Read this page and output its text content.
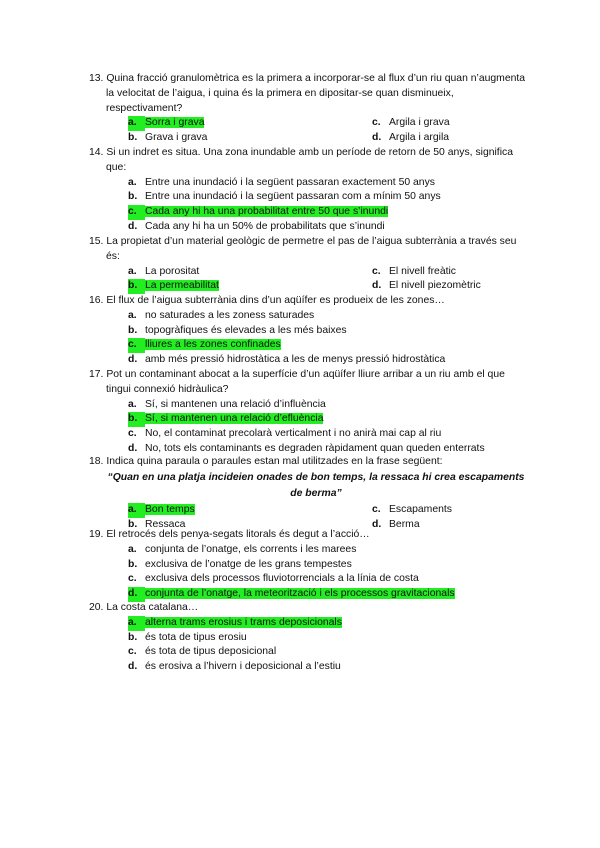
13. Quina fracció granulomètrica es la primera a incorporar-se al flux d’un riu quan n’augmenta la velocitat de l’aigua, i quina és la primera en dipositar-se quan disminueix, respectivament?

a. Sorra i grava	c. Argila i grava
b. Grava i grava	d. Argila i argila

14. Si un indret es situa. Una zona inundable amb un període de retorn de 50 anys, significa que:

a. Entre una inundació i la següent passaran exactement 50 anys
b. Entre una inundació i la següent passaran com a mínim 50 anys
c. Cada any hi ha una probabilitat entre 50 que s’inundi
d. Cada any hi ha un 50% de probabilitats que s’inundi

15. La propietat d’un material geològic de permetre el pas de l’aigua subterrània a través seu és:

a. La porositat	c. El nivell freàtic
b. La permeabilitat	d. El nivell piezomètric

16. El flux de l’aigua subterrània dins d’un aqüífer es produeix de les zones…

a. no saturades a les zoness saturades
b. topogràfiques és elevades a les més baixes
c. lliures a les zones confinades
d. amb més pressió hidrostàtica a les de menys pressió hidrostàtica

17. Pot un contaminant abocat a la superfície d’un aqüífer lliure arribar a un riu amb el que tingui connexió hidràulica?

a. Sí, si mantenen una relació d’influència
b. Sí, si mantenen una relació d’efluència
c. No, el contaminat precolarà verticalment i no anirà mai cap al riu
d. No, tots els contaminants es degraden ràpidament quan queden enterrats

18. Indica quina paraula o paraules estan mal utilitzades en la frase següent:

“Quan en una platja incideien onades de bon temps, la ressaca hi crea escapaments de berma”

a. Bon temps	c. Escapaments
b. Ressaca	d. Berma

19. El retrocés dels penya-segats litorals és degut a l’acció…

a. conjunta de l’onatge, els corrents i les marees
b. exclusiva de l’onatge de les grans tempestes
c. exclusiva dels processos fluviotorrencials a la línia de costa
d. conjunta de l’onatge, la meteorització i els processos gravitacionals

20. La costa catalana…

a. alterna trams erosius i trams deposicionals
b. és tota de tipus erosiu
c. és tota de tipus deposicional
d. és erosiva a l’hivern i deposicional a l’estiu
